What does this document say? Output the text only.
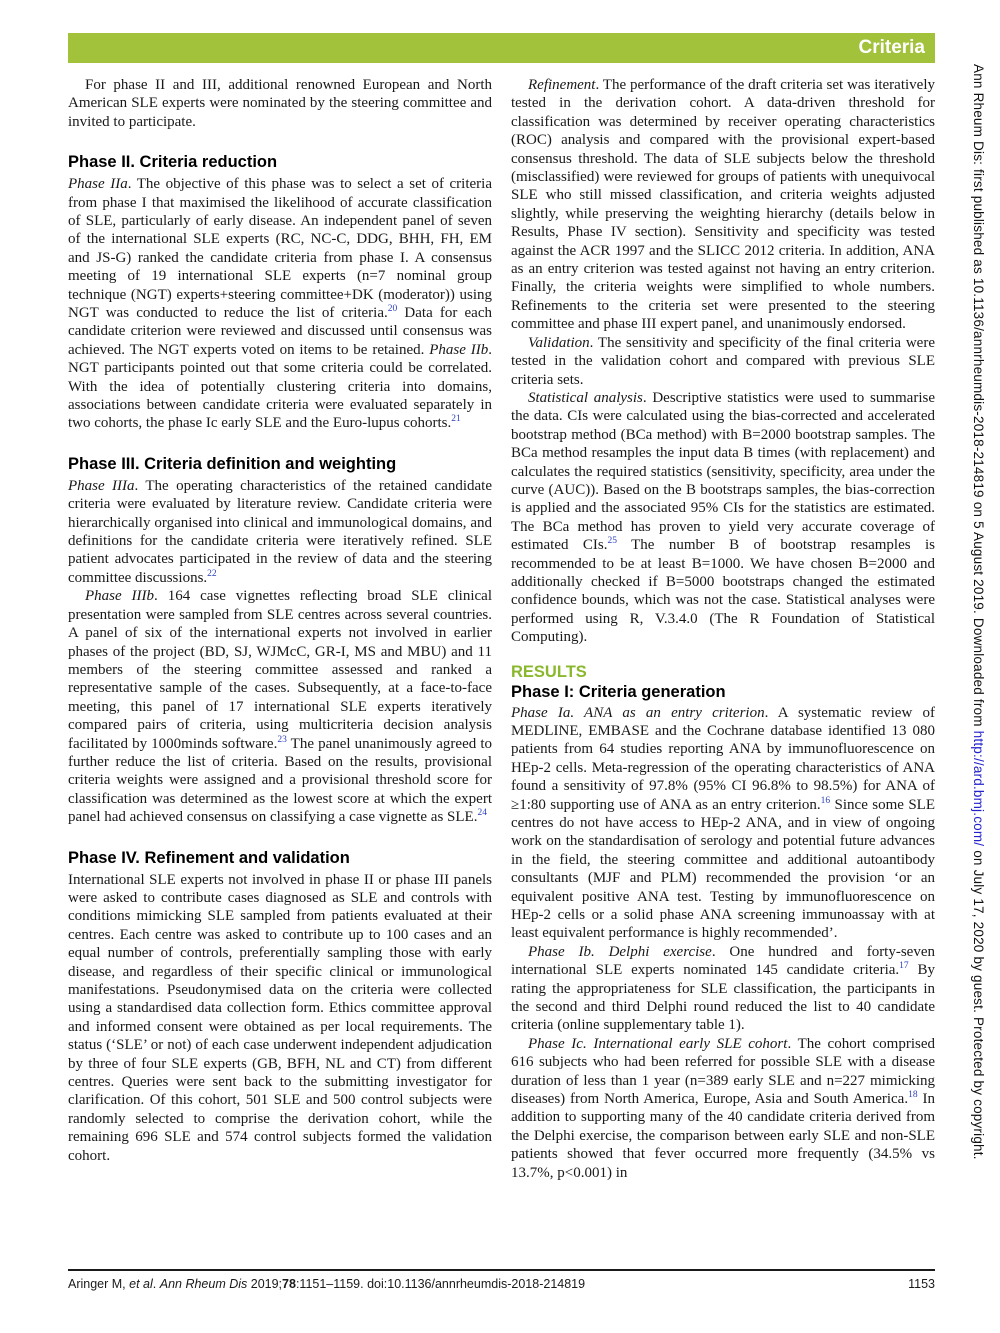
Criteria

For phase II and III, additional renowned European and North American SLE experts were nominated by the steering committee and invited to participate.

Phase II. Criteria reduction

Phase IIa. The objective of this phase was to select a set of criteria from phase I that maximised the likelihood of accurate classification of SLE, particularly of early disease. An independent panel of seven of the international SLE experts (RC, NC-C, DDG, BHH, FH, EM and JS-G) ranked the candidate criteria from phase I. A consensus meeting of 19 international SLE experts (n=7 nominal group technique (NGT) experts+steering committee+DK (moderator)) using NGT was conducted to reduce the list of criteria.$^{20}$ Data for each candidate criterion were reviewed and discussed until consensus was achieved. The NGT experts voted on items to be retained. Phase IIb. NGT participants pointed out that some criteria could be correlated. With the idea of potentially clustering criteria into domains, associations between candidate criteria were evaluated separately in two cohorts, the phase Ic early SLE and the Euro-lupus cohorts.$^{21}$

Phase III. Criteria definition and weighting

Phase IIIa. The operating characteristics of the retained candidate criteria were evaluated by literature review. Candidate criteria were hierarchically organised into clinical and immunological domains, and definitions for the candidate criteria were iteratively refined. SLE patient advocates participated in the review of data and the steering committee discussions.$^{22}$

Phase IIIb. 164 case vignettes reflecting broad SLE clinical presentation were sampled from SLE centres across several countries. A panel of six of the international experts not involved in earlier phases of the project (BD, SJ, WJMcC, GR-I, MS and MBU) and 11 members of the steering committee assessed and ranked a representative sample of the cases. Subsequently, at a face-to-face meeting, this panel of 17 international SLE experts iteratively compared pairs of criteria, using multicriteria decision analysis facilitated by 1000minds software.$^{23}$ The panel unanimously agreed to further reduce the list of criteria. Based on the results, provisional criteria weights were assigned and a provisional threshold score for classification was determined as the lowest score at which the expert panel had achieved consensus on classifying a case vignette as SLE.$^{24}$

Phase IV. Refinement and validation

International SLE experts not involved in phase II or phase III panels were asked to contribute cases diagnosed as SLE and controls with conditions mimicking SLE sampled from patients evaluated at their centres. Each centre was asked to contribute up to 100 cases and an equal number of controls, preferentially sampling those with early disease, and regardless of their specific clinical or immunological manifestations. Pseudonymised data on the criteria were collected using a standardised data collection form. Ethics committee approval and informed consent were obtained as per local requirements. The status (‘SLE’ or not) of each case underwent independent adjudication by three of four SLE experts (GB, BFH, NL and CT) from different centres. Queries were sent back to the submitting investigator for clarification. Of this cohort, 501 SLE and 500 control subjects were randomly selected to comprise the derivation cohort, while the remaining 696 SLE and 574 control subjects formed the validation cohort.

Refinement. The performance of the draft criteria set was iteratively tested in the derivation cohort. A data-driven threshold for classification was determined by receiver operating characteristics (ROC) analysis and compared with the provisional expert-based consensus threshold. The data of SLE subjects below the threshold (misclassified) were reviewed for groups of patients with unequivocal SLE who still missed classification, and criteria weights adjusted slightly, while preserving the weighting hierarchy (details below in Results, Phase IV section). Sensitivity and specificity was tested against the ACR 1997 and the SLICC 2012 criteria. In addition, ANA as an entry criterion was tested against not having an entry criterion. Finally, the criteria weights were simplified to whole numbers. Refinements to the criteria set were presented to the steering committee and phase III expert panel, and unanimously endorsed.

Validation. The sensitivity and specificity of the final criteria were tested in the validation cohort and compared with previous SLE criteria sets.

Statistical analysis. Descriptive statistics were used to summarise the data. CIs were calculated using the bias-corrected and accelerated bootstrap method (BCa method) with B=2000 bootstrap samples. The BCa method resamples the input data B times (with replacement) and calculates the required statistics (sensitivity, specificity, area under the curve (AUC)). Based on the B bootstraps samples, the bias-correction is applied and the associated 95% CIs for the statistics are estimated. The BCa method has proven to yield very accurate coverage of estimated CIs.$^{25}$ The number B of bootstrap resamples is recommended to be at least B=1000. We have chosen B=2000 and additionally checked if B=5000 bootstraps changed the estimated confidence bounds, which was not the case. Statistical analyses were performed using R, V.3.4.0 (The R Foundation of Statistical Computing).

RESULTS
Phase I: Criteria generation

Phase Ia. ANA as an entry criterion. A systematic review of MEDLINE, EMBASE and the Cochrane database identified 13 080 patients from 64 studies reporting ANA by immunofluorescence on HEp-2 cells. Meta-regression of the operating characteristics of ANA found a sensitivity of 97.8% (95% CI 96.8% to 98.5%) for ANA of ≥1:80 supporting use of ANA as an entry criterion.$^{16}$ Since some SLE centres do not have access to HEp-2 ANA, and in view of ongoing work on the standardisation of serology and potential future advances in the field, the steering committee and additional autoantibody consultants (MJF and PLM) recommended the provision ‘or an equivalent positive ANA test. Testing by immunofluorescence on HEp-2 cells or a solid phase ANA screening immunoassay with at least equivalent performance is highly recommended’.

Phase Ib. Delphi exercise. One hundred and forty-seven international SLE experts nominated 145 candidate criteria.$^{17}$ By rating the appropriateness for SLE classification, the participants in the second and third Delphi round reduced the list to 40 candidate criteria (online supplementary table 1).

Phase Ic. International early SLE cohort. The cohort comprised 616 subjects who had been referred for possible SLE with a disease duration of less than 1 year (n=389 early SLE and n=227 mimicking diseases) from North America, Europe, Asia and South America.$^{18}$ In addition to supporting many of the 40 candidate criteria derived from the Delphi exercise, the comparison between early SLE and non-SLE patients showed that fever occurred more frequently (34.5% vs 13.7%, p<0.001) in

Ann Rheum Dis: first published as 10.1136/annrheumdis-2018-214819 on 5 August 2019. Downloaded from http://ard.bmj.com/ on July 17, 2020 by guest. Protected by copyright.
Aringer M, et al. Ann Rheum Dis 2019;78:1151–1159. doi:10.1136/annrheumdis-2018-214819	1153
